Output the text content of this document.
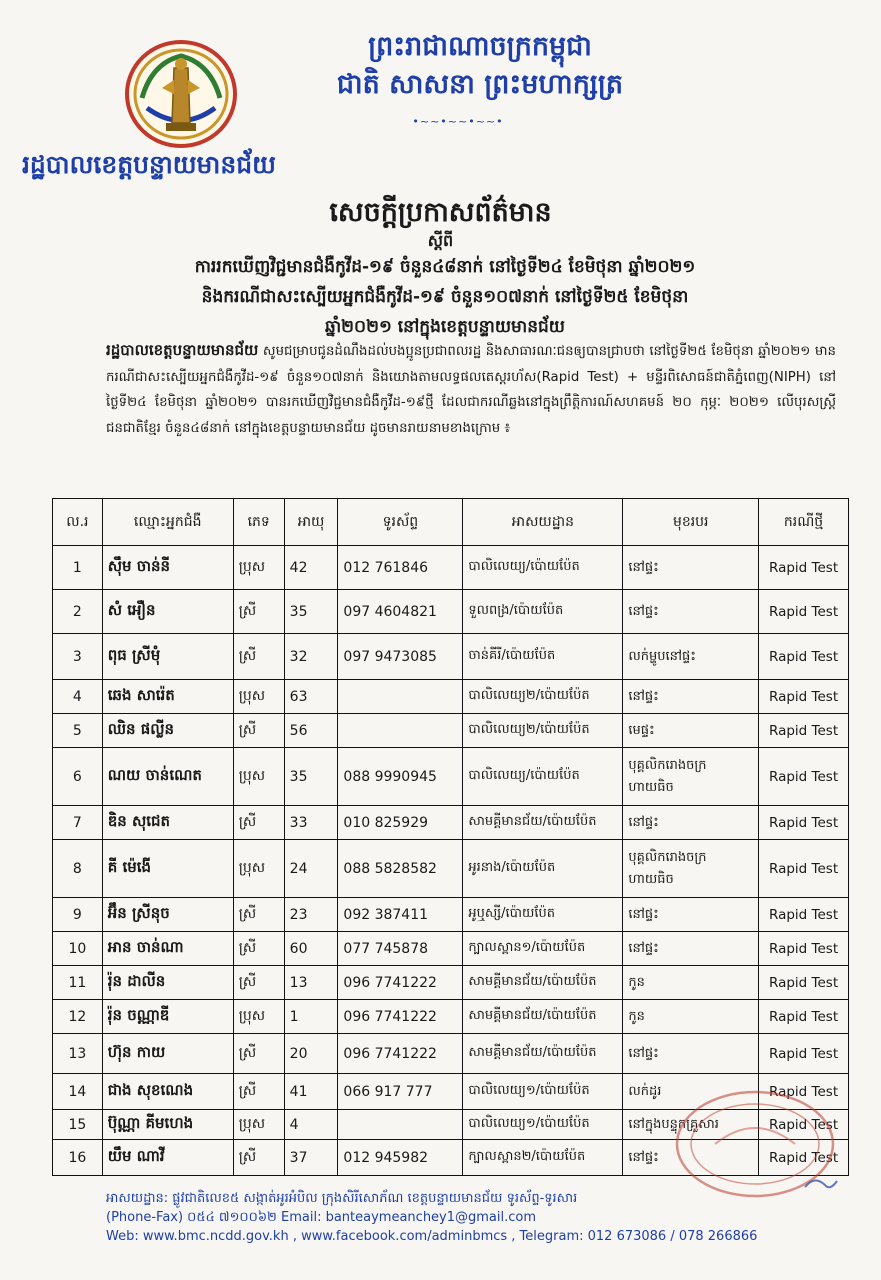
ព្រះរាជាណាចក្រកម្ពុជា
ជាតិ សាសនា ព្រះមហាក្សត្រ
•~~•~~•~~•
រដ្ឋបាលខេត្តបន្ទាយមានជ័យ
សេចក្តីប្រកាសព័ត៌មាន
ស្តីពី
ការរកឃើញវិជ្ជមានជំងឺកូវីដ-១៩ ចំនួន៤៨នាក់ នៅថ្ងៃទី២៤ ខែមិថុនា ឆ្នាំ២០២១
និងករណីជាសះស្បើយអ្នកជំងឺកូវីដ-១៩ ចំនួន១០៧នាក់ នៅថ្ងៃទី២៥ ខែមិថុនា
ឆ្នាំ២០២១ នៅក្នុងខេត្តបន្ទាយមានជ័យ
រដ្ឋបាលខេត្តបន្ទាយមានជ័យ សូមជម្រាបជូនដំណឹងដល់បងប្អូនប្រជាពលរដ្ឋ និងសាធារណៈជនឲ្យបានជ្រាបថា នៅថ្ងៃទី២៥ ខែមិថុនា ឆ្នាំ២០២១ មានករណីជាសះស្បើយអ្នកជំងឺកូវីដ-១៩ ចំនួន១០៧នាក់ និងយោងតាមលទ្ធផលតេស្តរហ័ស(Rapid Test) + មន្ទីរពិសោធន៍ជាតិភ្នំពេញ(NIPH) នៅថ្ងៃទី២៤ ខែមិថុនា ឆ្នាំ២០២១ បានរកឃើញវិជ្ជមានជំងឺកូវីដ-១៩ថ្មី ដែលជាករណីឆ្លងនៅក្នុងព្រឹត្តិការណ៍សហគមន៍ ២០ កុម្ភៈ ២០២១ លើបុរសស្ត្រីជនជាតិខ្មែរ ចំនួន៤៨នាក់ នៅក្នុងខេត្តបន្ទាយមានជ័យ ដូចមានរាយនាមខាងក្រោម ៖
ល.រ	ឈ្មោះអ្នកជំងឺ	ភេទ	អាយុ	ទូរស័ព្ទ	អាសយដ្ឋាន	មុខរបរ	ករណីថ្មី
1	ស៊ឹម ចាន់នី	ប្រុស	42	012 761846	បាលិលេយ្យ/ប៉ោយប៉ែត	នៅផ្ទះ	Rapid Test
2	សំ អឿន	ស្រី	35	097 4604821	ទួលពង្រ/ប៉ោយប៉ែត	នៅផ្ទះ	Rapid Test
3	ពុធ ស្រីមុំ	ស្រី	32	097 9473085	ចាន់គីរី/ប៉ោយប៉ែត	លក់ម្ហូបនៅផ្ទះ	Rapid Test
4	ឆេង សារ៉េត	ប្រុស	63		បាលិលេយ្យ២/ប៉ោយប៉ែត	នៅផ្ទះ	Rapid Test
5	ឈិន ផល្លីន	ស្រី	56		បាលិលេយ្យ២/ប៉ោយប៉ែត	មេផ្ទះ	Rapid Test
6	ណយ ចាន់ណេត	ប្រុស	35	088 9990945	បាលិលេយ្យ/ប៉ោយប៉ែត	បុគ្គលិករោងចក្រ ហាយធិច	Rapid Test
7	ឌិន សុជេត	ស្រី	33	010 825929	សាមគ្គីមានជ័យ/ប៉ោយប៉ែត	នៅផ្ទះ	Rapid Test
8	គី ម៉េងើ	ប្រុស	24	088 5828582	អូរនាង/ប៉ោយប៉ែត	បុគ្គលិករោងចក្រ ហាយធិច	Rapid Test
9	អ៊ឹន ស្រីនុច	ស្រី	23	092 387411	អូឬស្សី/ប៉ោយប៉ែត	នៅផ្ទះ	Rapid Test
10	អាន ចាន់ណា	ស្រី	60	077 745878	ក្បាលស្ពាន១/ប៉ោយប៉ែត	នៅផ្ទះ	Rapid Test
11	រ៉ុន ដាលីន	ស្រី	13	096 7741222	សាមគ្គីមានជ័យ/ប៉ោយប៉ែត	កូន	Rapid Test
12	រ៉ុន ចណ្ណាឌី	ប្រុស	1	096 7741222	សាមគ្គីមានជ័យ/ប៉ោយប៉ែត	កូន	Rapid Test
13	ហ៊ុន កាយ	ស្រី	20	096 7741222	សាមគ្គីមានជ័យ/ប៉ោយប៉ែត	នៅផ្ទះ	Rapid Test
14	ជាង សុខណេង	ស្រី	41	066 917 777	បាលិលេយ្យ១/ប៉ោយប៉ែត	លក់ដូរ	Rapid Test
15	ប៊ុណ្ណា គីមហេង	ប្រុស	4		បាលិលេយ្យ១/ប៉ោយប៉ែត	នៅក្នុងបន្ទុកគ្រួសារ	Rapid Test
16	យឹម ណាវី	ស្រី	37	012 945982	ក្បាលស្ពាន២/ប៉ោយប៉ែត	នៅផ្ទះ	Rapid Test
អាសយដ្ឋាន: ផ្លូវជាតិលេខ៥ សង្កាត់អូរអំបិល ក្រុងសិរីសោភ័ណ ខេត្តបន្ទាយមានជ័យ ទូរស័ព្ទ-ទូរសារ
(Phone-Fax) ០៥៤ ៧១០០៦២ Email: banteaymeanchey1@gmail.com
Web: www.bmc.ncdd.gov.kh , www.facebook.com/adminbmcs , Telegram: 012 673086 / 078 266866
